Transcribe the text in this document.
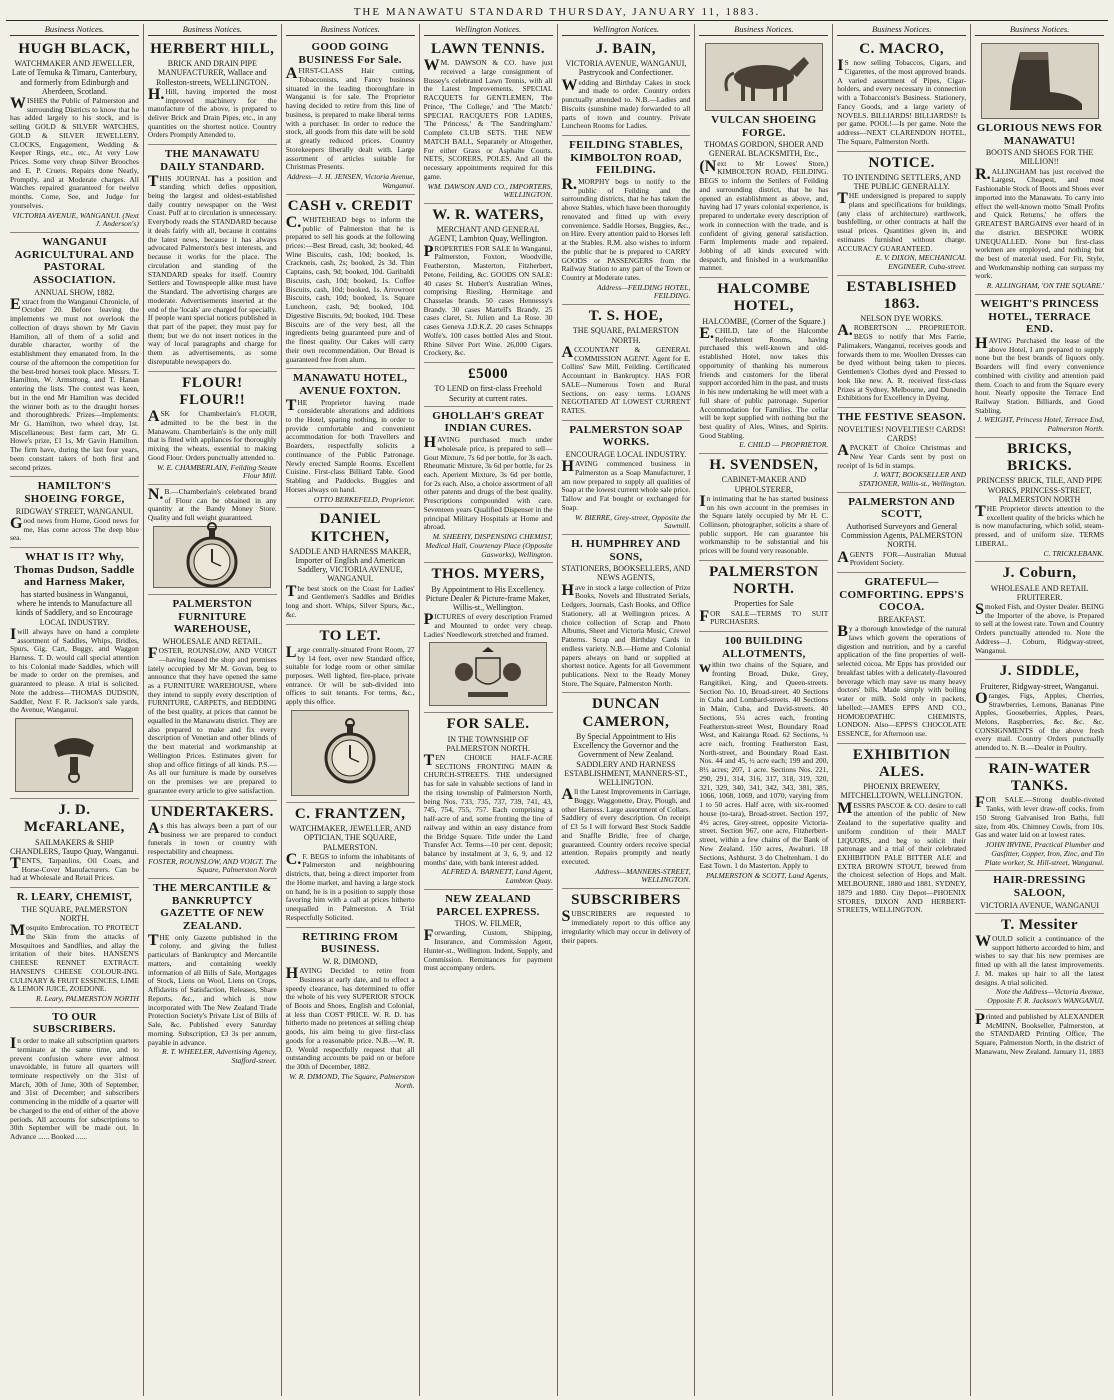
THE MANAWATU STANDARD THURSDAY, JANUARY 11, 1883.
Business Notices.
HUGH BLACK,
WATCHMAKER AND JEWELLER, Late of Temuka & Timaru, Canterbury, and formerly from Edinburgh and Aberdeen, Scotland.
WISHES the Public of Palmerston and surrounding Districts to know that he has added largely to his stock, and is selling GOLD & SILVER WATCHES, GOLD & SILVER JEWELLERY, CLOCKS, Engagement, Wedding & Keeper Rings, etc., etc., At very Low Prices. Some very cheap Silver Brooches and E. P. Cruets. Repairs done Neatly, Promptly, and at Moderate charges. All Watches repaired guaranteed for twelve months. Come, See, and Judge for yourselves.
VICTORIA AVENUE, WANGANUI. (Next J. Anderson's)
WANGANUI AGRICULTURAL AND PASTORAL ASSOCIATION.
ANNUAL SHOW, 1882.
Extract from the Wanganui Chronicle, of October 20. Before leaving the implements we must not overlook the collection of drays shown by Mr Gavin Hamilton, all of them of a solid and durable character, worthy of the establishment they emanated from. In the course of the afternoon the competition for the best-bred horses took place. Messrs. T. Hamilton, W. Armstrong, and T. Hanan entering the lists. The contest was keen, but in the end Mr Hamilton was decided the winner both as to the draught horses and thoroughbreds. Prizes—Implements: Mr G. Hamilton, two wheel dray, 1st. Miscellaneous: Best farm cart, Mr G. Howe's prize, £1 1s, Mr Gavin Hamilton. The firm have, during the last four years, been constant takers of both first and second prizes.
HAMILTON'S SHOEING FORGE,
RIDGWAY STREET, WANGANUI.
Good news from Home, Good news for me, Has come across The deep blue sea.
WHAT IS IT? Why, Thomas Dudson, Saddle and Harness Maker,
has started business in Wanganui, where he intends to Manufacture all kinds of Saddlery, and so Encourage LOCAL INDUSTRY.
Iwill always have on hand a complete assortment of Saddles, Whips, Bridles, Spurs, Gig, Cart, Buggy, and Waggon Harness. T. D. would call special attention to his Colonial made Saddles, which will be made to order on the premises, and guaranteed to please. A trial is solicited. Note the address—THOMAS DUDSON, Saddler, Next F. R. Jackson's sale yards, the Avenue, Wanganui.
J. D. McFARLANE,
SAILMAKERS & SHIP CHANDLERS, Taupo Quay, Wanganui.
TENTS, Tarpaulins, Oil Coats, and Horse-Cover Manufacturers. Can be had at Wholesale and Retail Prices.
R. LEARY, CHEMIST,
THE SQUARE, PALMERSTON NORTH.
Mosquito Embrocation. TO PROTECT the Skin from the attacks of Mosquitoes and Sandflies, and allay the irritation of their bites. HANSEN'S CHEESE RENNET EXTRACT. HANSEN'S CHEESE COLOUR-ING. CULINARY & FRUIT ESSENCES, LIME & LEMON JUICE, ZOEDONE.
R. Leary, PALMERSTON NORTH
TO OUR SUBSCRIBERS.
In order to make all subscription quarters terminate at the same time, and to prevent confusion where ever almost unavoidable, in future all quarters will terminate respectively on the 31st of March, 30th of June, 30th of September, and 31st of December; and subscribers commencing in the middle of a quarter will be charged to the end of either of the above periods. All accounts for subscriptions to 30th September will be made out. In Advance ...... Booked ......
Business Notices.
HERBERT HILL,
BRICK AND DRAIN PIPE MANUFACTURER, Wallace and Rolleston-streets, WELLINGTON.
H.Hill, having imported the most improved machinery for the manufacture of the above, is prepared to deliver Brick and Drain Pipes, etc., in any quantities on the shortest notice. Country Orders Promptly Attended to.
THE MANAWATU DAILY STANDARD.
THIS JOURNAL has a position and standing which defies opposition, being the largest and oldest-established daily country newspaper on the West Coast. Puff at to circulation is unnecessary. Everybody reads the STANDARD because it deals fairly with all, because it contains the latest news, because it has always advocated Palmerston's best interests, and because it works for the place. The circulation and standing of the STANDARD speaks for itself. Country Settlers and Townspeople alike must have the Standard. The advertising charges are moderate. Advertisements inserted at the end of the 'locals' are charged for specially. If people want special notices published in that part of the paper, they must pay for them; but we do not insert notices in the way of local paragraphs and charge for them as advertisements, as some disreputable newspapers do.
FLOUR! FLOUR!!
ASK for Chamberlain's FLOUR, admitted to be the best in the Manawatu. Chamberlain's is the only mill that is fitted with appliances for thoroughly mixing the wheats, essential to making Good Flour. Orders punctually attended to.
W. E. CHAMBERLAIN, Feilding Steam Flour Mill.
N.B.—Chamberlain's celebrated brand of Flour can be obtained in any quantity at the Bandy Money Store. Quality and full weight guaranteed.
PALMERSTON FURNITURE WAREHOUSE,
WHOLESALE AND RETAIL.
FOSTER, ROUNSLOW, AND VOIGT—having leased the shop and premises lately occupied by Mr M. Govan, beg to announce that they have opened the same as a FURNITURE WAREHOUSE, where they intend to supply every description of FURNITURE, CARPETS, and BEDDING of the best quality, at prices that cannot be equalled in the Manawatu district. They are also prepared to make and fix every description of Venetian and other blinds of the best material and workmanship at Wellington Prices. Estimates given for shop and office fittings of all kinds. P.S.—As all our furniture is made by ourselves on the premises we are prepared to guarantee every article to give satisfaction.
UNDERTAKERS.
As this has always been a part of our business we are prepared to conduct funerals in town or country with respectability and cheapness.
FOSTER, ROUNSLOW, AND VOIGT. The Square, Palmerston North
THE MERCANTILE & BANKRUPTCY GAZETTE OF NEW ZEALAND.
THE only Gazette published in the colony, and giving the fullest particulars of Bankruptcy and Mercantile matters, and containing weekly information of all Bills of Sale, Mortgages of Stock, Liens on Wool, Liens on Crops, Affidavits of Satisfaction, Releases, Share Reports, &c., and which is now incorporated with The New Zealand Trade Protection Society's Private List of Bills of Sale, &c. Published every Saturday morning. Subscription, £3 3s per annum, payable in advance.
R. T. WHEELER, Advertising Agency, Stafford-street.
Business Notices.
GOOD GOING BUSINESS For Sale.
AFIRST-CLASS Hair cutting, Tobacconists, and Fancy business situated in the leading thoroughfare in Wanganui is for sale. The Proprietor having decided to retire from this line of business, is prepared to make liberal terms with a purchaser. In order to reduce the stock, all goods from this date will be sold at greatly reduced prices. Country Storekeepers liberally dealt with. Large assortment of articles suitable for Christmas Presents.
Address—J. H. JENSEN, Victoria Avenue, Wanganui.
CASH v. CREDIT
C.WHITEHEAD begs to inform the public of Palmerston that he is prepared to sell his goods at the following prices:—Best Bread, cash, 3d; booked, 4d. Wine Biscuits, cash, 10d; booked, 1s. Crackneis, cash, 2s; booked, 2s 3d. Thin Captains, cash, 9d; booked, 10d. Garibaldi Biscuits, cash, 10d; booked, 1s. Coffee Biscuits, cash, 10d; booked, 1s. Arrowroot Biscuits, cash, 10d; booked, 1s. Square Luncheon, cash, 9d; booked, 10d. Digestive Biscuits, 9d; booked, 10d. These Biscuits are of the very best, all the ingredients being guaranteed pure and of the finest quality. Our Cakes will carry their own recommendation. Our Bread is guaranteed free from alum.
MANAWATU HOTEL, AVENUE FOXTON.
THE Proprietor having made considerable alterations and additions to the Hotel, sparing nothing, in order to provide comfortable and convenient accommodation for both Travellers and Boarders, respectfully solicits a continuance of the Public Patronage. Newly erected Sample Rooms. Excellent Cuisine. First-class Billiard Table. Good Stabling and Paddocks. Buggies and Horses always on hand.
OTTO BERKEFELD, Proprietor.
DANIEL KITCHEN,
SADDLE AND HARNESS MAKER, Importer of English and American Saddlery, VICTORIA AVENUE, WANGANUI.
The best stock on the Coast for Ladies' and Gentlemen's Saddles and Bridles long and short. Whips, Silver Spurs, &c., &c.
TO LET.
Large centrally-situated Front Room, 27 by 14 feet, over new Standard office, suitable for lodge room or other similar purposes. Well lighted, fire-place, private entrance. Or will be sub-divided into offices to suit tenants. For terms, &c., apply this office.
C. FRANTZEN,
WATCHMAKER, JEWELLER, AND OPTICIAN, THE SQUARE, PALMERSTON.
C.F. BEGS to inform the inhabitants of Palmerston and neighbouring districts, that, being a direct importer from the Home market, and having a large stock on hand, he is in a position to supply those favoring him with a call at prices hitherto unequalled in Palmerston. A Trial Respectfully Solicited.
RETIRING FROM BUSINESS.
W. R. DIMOND,
HAVING Decided to retire from Business at early date, and to effect a speedy clearance, has determined to offer the whole of his very SUPERIOR STOCK of Boots and Shoes, English and Colonial, at less than COST PRICE. W. R. D. has hitherto made no pretences at selling cheap goods, his aim being to give first-class goods for a reasonable price. N.B.—W. R. D. Would respectfully request that all outstanding accounts be paid on or before the 30th of December, 1882.
W. R. DIMOND, The Square, Palmerston North.
Wellington Notices.
LAWN TENNIS.
WM. DAWSON & CO. have just received a large consignment of Bussey's celebrated Lawn Tennis, with all the Latest Improvements. SPECIAL RACQUETS for GENTLEMEN, The Prince, 'The College,' and 'The Match.' SPECIAL RACQUETS FOR LADIES, 'The Princess,' & 'The Sandringham.' Complete CLUB SETS. THE NEW MATCH BALL, Separately or Altogether, For either Grass or Asphalte Courts. NETS, SCORERS, POLES, And all the necessary appointments required for this game.
WM. DAWSON AND CO., IMPORTERS, WELLINGTON.
W. R. WATERS,
MERCHANT AND GENERAL AGENT, Lambton Quay, Wellington.
PROPERTIES FOR SALE In Wanganui, Palmerston, Foxton, Woodville, Featherston, Masterton, Fitzherbert, Petone, Feilding, &c. GOODS ON SALE: 40 cases St. Hubert's Australian Wines, comprising Riesling, Hermitage and Chasselas brands. 50 cases Hennessy's Brandy. 30 cases Martell's Brandy. 25 cases claret, St. Julien and La Rose. 30 cases Geneva J.D.K.Z. 20 cases Schnapps Wolfe's. 100 cases bottled Ales and Stout. Rhine Silver Port Wine. 26,000 Cigars. Crockery, &c.
£5000
TO LEND on first-class Freehold Security at current rates.
GHOLLAH'S GREAT INDIAN CURES.
HAVING purchased much under wholesale price, is prepared to sell—Gout Mixture, 7s 6d per bottle, for 3s each. Rheumatic Mixture, 3s 6d per bottle, for 2s each. Aperient Mixture, 3s 6d per bottle, for 2s each. Also, a choice assortment of all other patents and drugs of the best quality. Prescriptions compounded with care. Seventeen years Qualified Dispenser in the principal Military Hospitals at Home and abroad.
M. SHEEHY, DISPENSING CHEMIST, Medical Hall, Courtenay Place (Opposite Gasworks), Wellington.
THOS. MYERS,
By Appointment to His Excellency. Picture Dealer & Picture-frame Maker, Willis-st., Wellington.
PICTURES of every description Framed and Mounted to order very cheap. Ladies' Needlework stretched and framed.
FOR SALE.
IN THE TOWNSHIP OF PALMERSTON NORTH.
TEN CHOICE HALF-ACRE SECTIONS FRONTING MAIN & CHURCH-STREETS. THE undersigned has for sale in valuable sections of land in the rising township of Palmerston North, being Nos. 733, 735, 737, 739, 741, 43, 745, 754, 755, 757. Each comprising a half-acre of and, some fronting the line of railway and within an easy distance from the Bridge Square. Title under the Land Transfer Act. Terms—10 per cent. deposit; balance by instalment at 3, 6, 9, and 12 months' date, with bank interest added.
ALFRED A. BARNETT, Land Agent, Lambton Quay.
NEW ZEALAND PARCEL EXPRESS.
THOS. W. FILMER,
Forwarding, Custom, Shipping, Insurance, and Commission Agent, Hunter-st., Wellington. Indent, Supply, and Commission. Remittances for payment must accompany orders.
Wellington Notices.
J. BAIN,
VICTORIA AVENUE, WANGANUI, Pastrycook and Confectioner.
Wedding and Birthday Cakes in stock and made to order. Country orders punctually attended to. N.B.—Ladies and Biscuits (sunshine made) forwarded to all parts of town and country. Private Luncheon Rooms for Ladies.
FEILDING STABLES, KIMBOLTON ROAD, FEILDING.
R.MORPHY begs to notify to the public of Feilding and the surrounding districts, that he has taken the above Stables, which have been thoroughly renovated and fitted up with every convenience. Saddle Horses, Buggies, &c., on Hire. Every attention paid to Horses left at the Stables. R.M. also wishes to inform the public that he is prepared to CARRY GOODS or PASSENGERS from the Railway Station to any part of the Town or Country at Moderate rates.
Address—FEILDING HOTEL, FEILDING.
T. S. HOE,
THE SQUARE, PALMERSTON NORTH.
ACCOUNTANT & GENERAL COMMISSION AGENT. Agent for E. Collins' Saw Mill, Feilding. Certificated Accountant in Bankruptcy. HAS FOR SALE—Numerous Town and Rural Sections, on easy terms. LOANS NEGOTIATED AT LOWEST CURRENT RATES.
PALMERSTON SOAP WORKS.
ENCOURAGE LOCAL INDUSTRY.
HAVING commenced business in Palmerston as a Soap Manufacturer, I am now prepared to supply all qualities of Soap at the lowest current whole sale price. Tallow and Fat bought or exchanged for Soap.
W. BIERRE, Grey-street, Opposite the Sawmill.
H. HUMPHREY AND SONS,
STATIONERS, BOOKSELLERS, AND NEWS AGENTS,
Have in stock a large collection of Prize Books, Novels and Illustrated Serials, Ledgers, Journals, Cash Books, and Office Stationery, all at Wellington prices. A choice collection of Scrap and Photo Albums, Sheet and Victoria Music, Crewel Patterns. Scrap and Birthday Cards in endless variety. N.B.—Home and Colonial papers always on hand or supplied at shortest notice. Agents for all Government publications. Next to the Ready Money Store, The Square, Palmerston North.
DUNCAN CAMERON,
By Special Appointment to His Excellency the Governor and the Government of New Zealand. SADDLERY AND HARNESS ESTABLISHMENT, MANNERS-ST., WELLINGTON.
All the Latest Improvements in Carriage, Buggy, Waggonette, Dray, Plough, and other Harness. Large assortment of Collars. Saddlery of every description. On receipt of £3 5s I will forward Best Stock Saddle and Snaffle Bridle, free of charge, guaranteed. Country orders receive special attention. Repairs promptly and neatly executed.
Address—MANNERS-STREET, WELLINGTON.
SUBSCRIBERS
SUBSCRIBERS are requested to immediately report to this office any irregularity which may occur in delivery of their papers.
Business Notices.
VULCAN SHOEING FORGE.
THOMAS GORDON, SHOER AND GENERAL BLACKSMITH, Etc.,
(Next to Mr Lowes' Store,) KIMBOLTON ROAD, FEILDING. BEGS to inform the Settlers of Feilding and surrounding district, that he has opened an establishment as above, and, having had 17 years colonial experience, is prepared to undertake every description of work in connection with the trade, and is confident of giving general satisfaction. Farm Implements made and repaired. Jobbing of all kinds executed with despatch, and finished in a workmanlike manner.
HALCOMBE HOTEL,
HALCOMBE, (Corner of the Square.)
E.CHILD, late of the Halcombe Refreshment Rooms, having purchased this well-known and old-established Hotel, now takes this opportunity of thanking his numerous friends and customers for the liberal support accorded him in the past, and trusts in his new undertaking he will meet with a full share of public patronage. Superior Accommodation for Families. The cellar will be kept supplied with nothing but the best quality of Ales, Wines, and Spirits. Good Stabling.
E. CHILD — PROPRIETOR.
H. SVENDSEN,
CABINET-MAKER AND UPHOLSTERER,
In intimating that he has started business on his own account in the premises in the Square lately occupied by Mr H. C. Collinson, photographer, solicits a share of public support. He can guarantee his workmanship to be substantial and his prices will be found very reasonable.
PALMERSTON NORTH.
Properties for Sale
FOR SALE—TERMS TO SUIT PURCHASERS.
100 BUILDING ALLOTMENTS,
within two chains of the Square, and fronting Broad, Duke, Grey, Rangitikei, King, and Queen-streets. Section No. 10, Broad-street. 40 Sections in Cuba and Lombard-streets. 40 Sections in Main, Cuba, and David-streets. 40 Sections, 5¼ acres each, fronting Featherston-street West, Boundary Road West, and Kairanga Road. 62 Sections, ¼ acre each, fronting Featherston East, North-street, and Boundary Road East. Nos. 44 and 45, ½ acre each; 199 and 200, 8½ acres; 207, 1 acre. Sections Nos. 221, 290, 291, 314, 316, 317, 318, 319, 320, 321, 329, 340, 341, 342, 343, 381, 385, 1066, 1068, 1069, and 1070, varying from 1 to 50 acres. Half acre, with six-roomed house (to-tara), Broad-street. Section 197, 4½ acres, Grey-street, opposite Victoria-street. Section 967, one acre, Fitzherbert-street, within a few chains of the Bank of New Zealand. 150 acres, Awahuri. 18 Sections, Ashhurst. 3 do Cheltenham. 1 do East Town. 1 do Masterton. Apply to
PALMERSTON & SCOTT, Land Agents,
Business Notices.
C. MACRO,
IS now selling Tobaccos, Cigars, and Cigarettes, of the most approved brands. A varied assortment of Pipes, Cigar-holders, and every necessary in connection with a Tobacconist's Business. Stationery, Fancy Goods, and a large variety of NOVELS. BILLIARDS! BILLIARDS!! Is per game. POOL!—Is per game. Note the address—NEXT CLARENDON HOTEL, The Square, Palmerston North.
NOTICE.
TO INTENDING SETTLERS, AND THE PUBLIC GENERALLY.
THE undersigned is prepared to supply plans and specifications for buildings, (any class of architecture) earthwork, bushfelling, or other contracts at half the usual prices. Quantities given in, and estimates furnished without charge. ACCURACY GUARANTEED.
E. V. DIXON, MECHANICAL ENGINEER, Cuba-street.
ESTABLISHED 1863.
NELSON DYE WORKS.
A.ROBERTSON ... PROPRIETOR. BEGS to notify that Mrs Farrie, Palimakers, Wanganui, receives goods and forwards them to me. Woollen Dresses can be dyed without being taken to pieces. Gentlemen's Clothes dyed and Pressed to look like new. A. R. received first-class Prizes at Sydney, Melbourne, and Dunedin Exhibitions for Excellency in Dyeing.
THE FESTIVE SEASON.
NOVELTIES! NOVELTIES!! CARDS! CARDS!
APACKET of Choice Christmas and New Year Cards sent by post on receipt of 1s 6d in stamps.
J. WATT, BOOKSELLER AND STATIONER, Willis-st., Wellington.
PALMERSTON AND SCOTT,
Authorised Surveyors and General Commission Agents, PALMERSTON NORTH.
AGENTS FOR—Australian Mutual Provident Society.
GRATEFUL—COMFORTING. EPPS'S COCOA.
BREAKFAST.
By a thorough knowledge of the natural laws which govern the operations of digestion and nutrition, and by a careful application of the fine properties of well-selected cocoa, Mr Epps has provided our breakfast tables with a delicately-flavoured beverage which may save us many heavy doctors' bills. Made simply with boiling water or milk. Sold only in packets, labelled:—JAMES EPPS AND CO., HOMOEOPATHIC CHEMISTS, LONDON. Also—EPPS'S CHOCOLATE ESSENCE, for Afternoon use.
EXHIBITION ALES.
PHOENIX BREWERY, MITCHELLTOWN, WELLINGTON.
MESSRS PASCOE & CO. desire to call the attention of the public of New Zealand to the superlative quality and uniform condition of their MALT LIQUORS, and beg to solicit their patronage and a trial of their celebrated EXHIBITION PALE BITTER ALE and EXTRA BROWN STOUT, brewed from the choicest selection of Hops and Malt. MELBOURNE, 1880 and 1881. SYDNEY, 1879 and 1880. City Depot—PHOENIX STORES, DIXON AND HERBERT-STREETS, WELLINGTON.
Business Notices.
GLORIOUS NEWS FOR MANAWATU!
BOOTS AND SHOES FOR THE MILLION!!
R.ALLINGHAM has just received the Largest, Cheapest, and most Fashionable Stock of Boots and Shoes ever imported into the Manawatu. To carry into effect the well-known motto 'Small Profits and Quick Returns,' he offers the GREATEST BARGAINS ever heard of in the district. BESPOKE WORK UNEQUALLED. None but first-class workmen are employed, and nothing but the best of material used. For Fit, Style, and Workmanship nothing can surpass my work.
R. ALLINGHAM, 'ON THE SQUARE.'
WEIGHT'S PRINCESS HOTEL, TERRACE END.
HAVING Purchased the lease of the above Hotel, I am prepared to supply none but the best brands of liquors only. Boarders will find every convenience combined with civility and attention paid them. Coach to and from the Square every hour. Nearly opposite the Terrace End Railway Station. Billiards, and Good Stabling.
J. WEIGHT, Princess Hotel, Terrace End, Palmerston North.
BRICKS, BRICKS.
PRINCESS' BRICK, TILE, AND PIPE WORKS, PRINCESS-STREET, PALMERSTON NORTH
THE Proprietor directs attention to the excellent quality of the bricks which he is now manufacturing, which solid, steam-pressed, and of uniform size. TERMS LIBERAL.
C. TRICKLEBANK.
J. Coburn,
WHOLESALE AND RETAIL FRUITERER.
Smoked Fish, and Oyster Dealer. BEING the Importer of the above, is Prepared to sell at the lowest rate. Town and Country Orders punctually attended to. Note the Address—J. Coburn, Ridgway-street, Wanganui.
J. SIDDLE,
Fruiterer, Ridgway-street, Wanganui.
Oranges, Figs, Apples, Cherries, Strawberries, Lemons, Bananas Pine Apples, Gooseberries, Apples, Pears, Melons, Raspberries, &c. &c. &c. CONSIGNMENTS of the above fresh every mail. Country Orders punctually attended to. N. B.—Dealer in Poultry.
RAIN-WATER TANKS.
FOR SALE.—Strong double-riveted Tanks, with lever draw-off cocks, from 150 Strong Galvanised Iron Baths, full size, from 40s. Chimney Cowls, from 10s. Gas and water laid on at lowest rates.
JOHN IRVINE, Practical Plumber and Gasfitter, Copper, Iron, Zinc, and Tin Plate worker, St. Hill-street, Wanganui.
HAIR-DRESSING SALOON,
VICTORIA AVENUE, WANGANUI
T. Messiter
WOULD solicit a continuance of the support hitherto accorded to him, and wishes to say that his new premises are fitted up with all the latest improvements. J. M. makes up hair to all the latest designs. A trial solicited.
Note the Address—Victoria Avenue, Opposite F. R. Jackson's WANGANUI.
Printed and published by ALEXANDER McMINN, Bookseller, Palmerston, at the STANDARD Printing Office, The Square, Palmerston North, in the district of Manawatu, New Zealand. January 11, 1883
